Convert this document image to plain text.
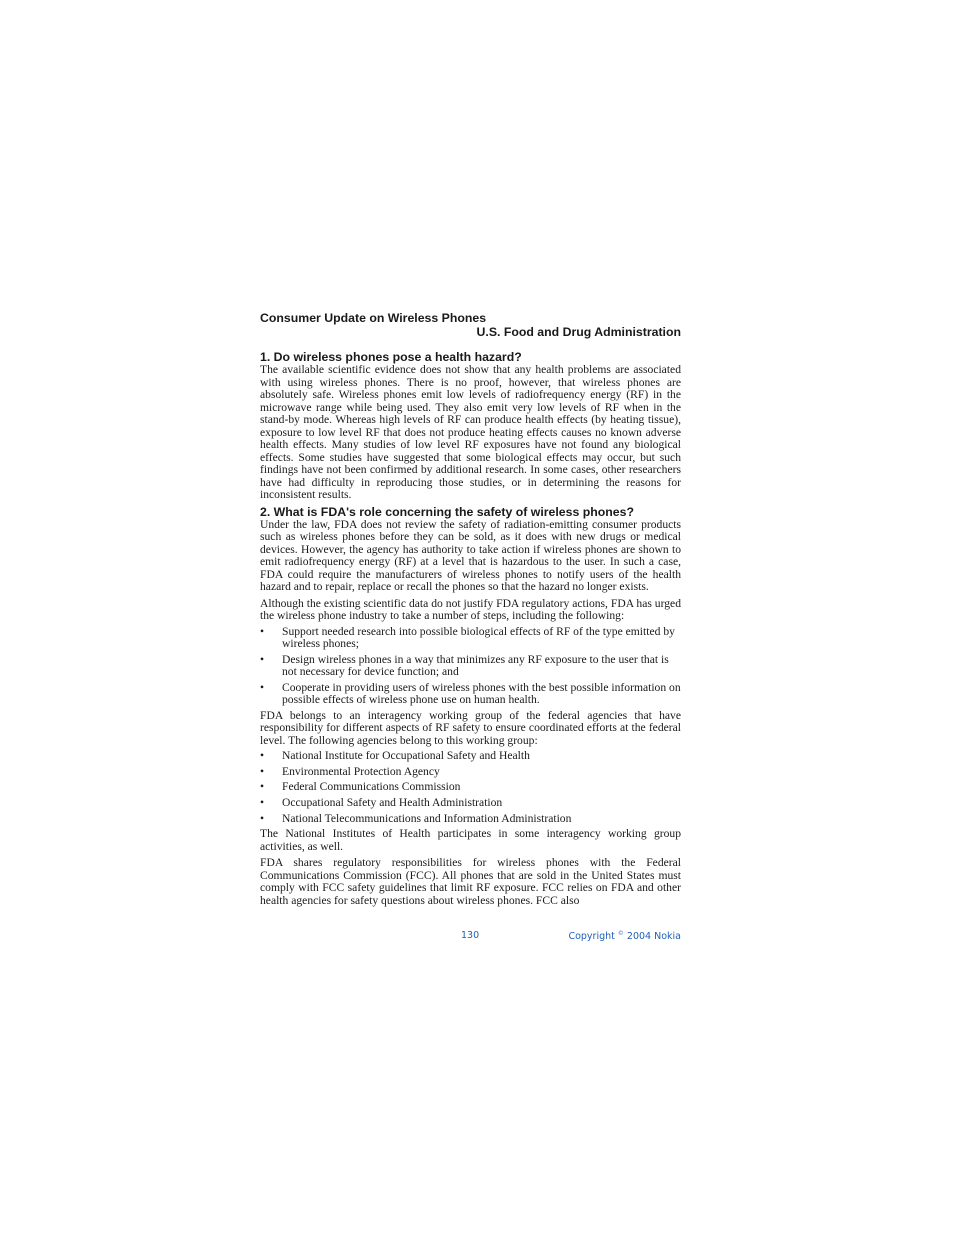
Consumer Update on Wireless Phones

U.S. Food and Drug Administration

1. Do wireless phones pose a health hazard?

The available scientific evidence does not show that any health problems are associated with using wireless phones. There is no proof, however, that wireless phones are absolutely safe. Wireless phones emit low levels of radiofrequency energy (RF) in the microwave range while being used. They also emit very low levels of RF when in the stand-by mode. Whereas high levels of RF can produce health effects (by heating tissue), exposure to low level RF that does not produce heating effects causes no known adverse health effects. Many studies of low level RF exposures have not found any biological effects. Some studies have suggested that some biological effects may occur, but such findings have not been confirmed by additional research. In some cases, other researchers have had difficulty in reproducing those studies, or in determining the reasons for inconsistent results.

2. What is FDA's role concerning the safety of wireless phones?

Under the law, FDA does not review the safety of radiation-emitting consumer products such as wireless phones before they can be sold, as it does with new drugs or medical devices. However, the agency has authority to take action if wireless phones are shown to emit radiofrequency energy (RF) at a level that is hazardous to the user. In such a case, FDA could require the manufacturers of wireless phones to notify users of the health hazard and to repair, replace or recall the phones so that the hazard no longer exists.

Although the existing scientific data do not justify FDA regulatory actions, FDA has urged the wireless phone industry to take a number of steps, including the following:

• Support needed research into possible biological effects of RF of the type emitted by wireless phones;
• Design wireless phones in a way that minimizes any RF exposure to the user that is not necessary for device function; and
• Cooperate in providing users of wireless phones with the best possible information on possible effects of wireless phone use on human health.

FDA belongs to an interagency working group of the federal agencies that have responsibility for different aspects of RF safety to ensure coordinated efforts at the federal level. The following agencies belong to this working group:

• National Institute for Occupational Safety and Health
• Environmental Protection Agency
• Federal Communications Commission
• Occupational Safety and Health Administration
• National Telecommunications and Information Administration

The National Institutes of Health participates in some interagency working group activities, as well.

FDA shares regulatory responsibilities for wireless phones with the Federal Communications Commission (FCC). All phones that are sold in the United States must comply with FCC safety guidelines that limit RF exposure. FCC relies on FDA and other health agencies for safety questions about wireless phones. FCC also

130	Copyright © 2004 Nokia
